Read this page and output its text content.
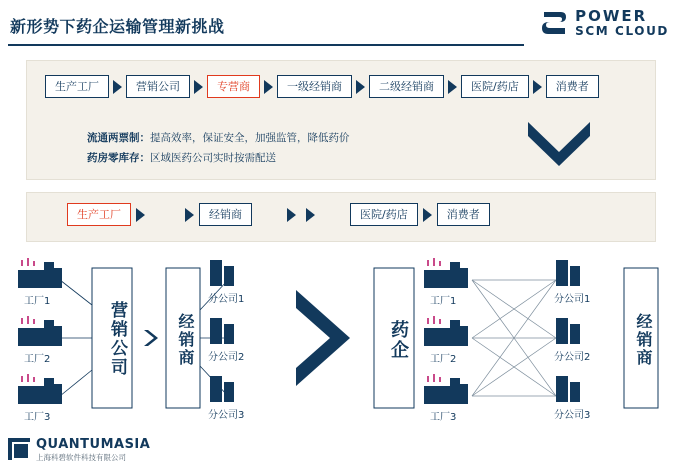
新形势下药企运输管理新挑战
POWER
SCM CLOUD
生产工厂	营销公司	专营商	一级经销商	二级经销商	医院/药店	消费者
流通两票制：提高效率，保证安全，加强监管，降低药价
药房零库存：区域医药公司实时按需配送
生产工厂	经销商	医院/药店	消费者
工厂1
工厂2
工厂3
营销公司	经销商
分公司1
分公司2
分公司3
药企
工厂1
工厂2
工厂3
分公司1
分公司2
分公司3
经销商
QUANTUMASIA
上海科碧软件科技有限公司
